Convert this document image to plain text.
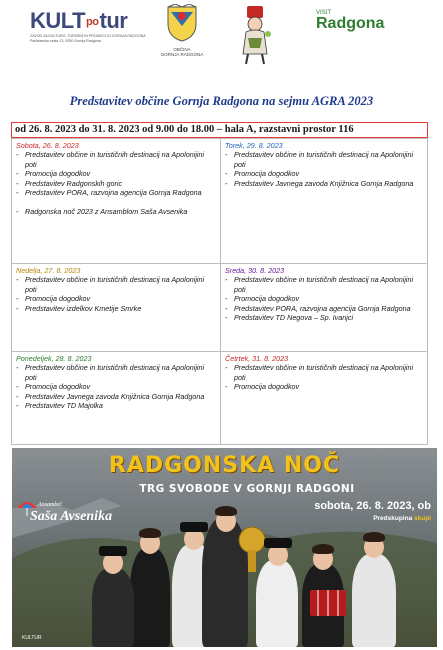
KULTpotur
ZAVOD ZA KULTURO, TURIZEM IN PROMOCIJO GORNJA RADGONA
Partizanska cesta 13, 9250 Gornja Radgona
OBČINA
GORNJA RADGONA
VISIT
Radgona
Predstavitev občine Gornja Radgona na sejmu AGRA 2023
od 26. 8. 2023 do 31. 8. 2023 od 9.00 do 18.00 – hala A, razstavni prostor 116
Sobota, 26. 8. 2023
- Predstavitev občine in turističnih destinacij na Apolonijini poti
- Promocija dogodkov
- Predstavitev Radgonskih goric
- Predstavitev PORA, razvojna agencija Gornja Radgona
- Radgonska noč 2023 z Ansamblom Saša Avsenika
Torek, 29. 8. 2023
- Predstavitev občine in turističnih destinacij na Apolonijini poti
- Promocija dogodkov
- Predstavitev Javnega zavoda Knjižnica Gornja Radgona
Nedelja, 27. 8. 2023
- Predstavitev občine in turističnih destinacij na Apolonijini poti
- Promocija dogodkov
- Predstavitev izdelkov Kmetije Smrke
Sreda, 30. 8. 2023
- Predstavitev občine in turističnih destinacij na Apolonijini poti
- Promocija dogodkov
- Predstavitev PORA, razvojna agencija Gornja Radgona
- Predstavitev TD Negova – Sp. Ivanjci
Ponedeljek, 28. 8. 2023
- Predstavitev občine in turističnih destinacij na Apolonijini poti
- Promocija dogodkov
- Predstavitev Javnega zavoda Knjižnica Gornja Radgona
- Predstavitev TD Majolka
Četrtek, 31. 8. 2023
- Predstavitev občine in turističnih destinacij na Apolonijini poti
- Promocija dogodkov
RADGONSKA NOČ
TRG SVOBODE V GORNJI RADGONI
sobota, 26. 8. 2023, ob
Predskupina skupi
Ansambel
Saša Avsenika
KULTUR
